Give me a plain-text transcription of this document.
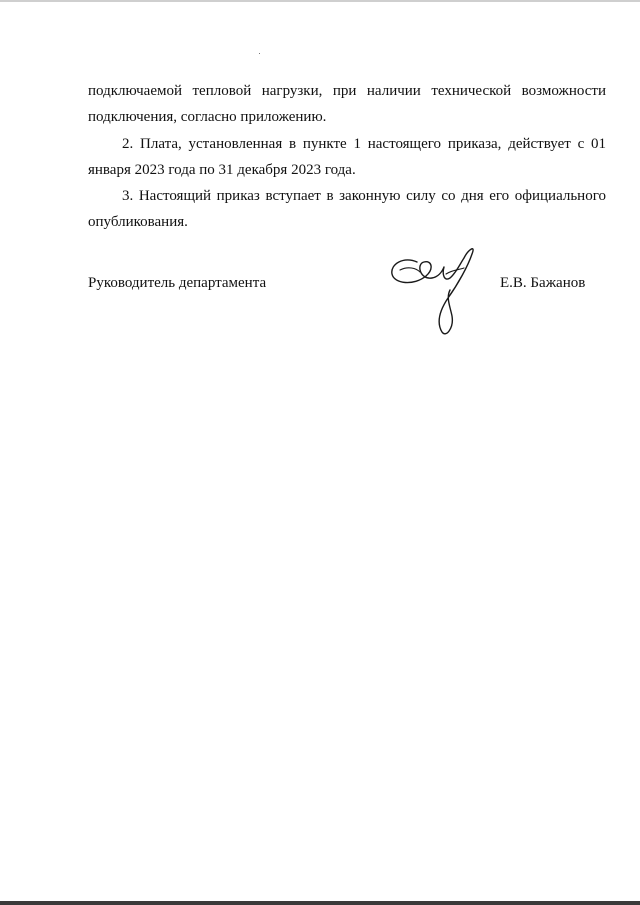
подключаемой тепловой нагрузки, при наличии технической возможности подключения, согласно приложению.

2. Плата, установленная в пункте 1 настоящего приказа, действует с 01 января 2023 года по 31 декабря 2023 года.

3. Настоящий приказ вступает в законную силу со дня его официального опубликования.

Руководитель департамента	Е.В. Бажанов
